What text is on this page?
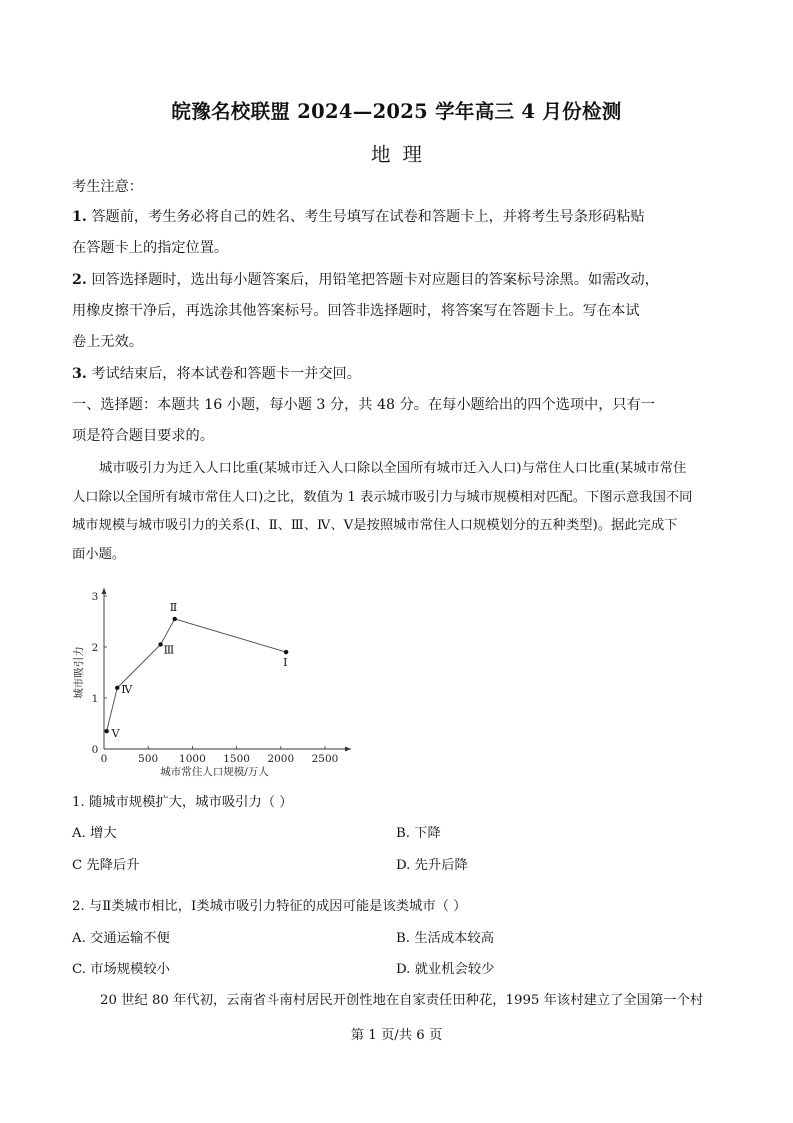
皖豫名校联盟 2024—2025 学年高三 4 月份检测
地理
考生注意：
1. 答题前，考生务必将自己的姓名、考生号填写在试卷和答题卡上，并将考生号条形码粘贴
在答题卡上的指定位置。
2. 回答选择题时，选出每小题答案后，用铅笔把答题卡对应题目的答案标号涂黑。如需改动，
用橡皮擦干净后，再选涂其他答案标号。回答非选择题时，将答案写在答题卡上。写在本试
卷上无效。
3. 考试结束后，将本试卷和答题卡一并交回。
一、选择题：本题共 16 小题，每小题 3 分，共 48 分。在每小题给出的四个选项中，只有一
项是符合题目要求的。

城市吸引力为迁入人口比重(某城市迁入人口除以全国所有城市迁入人口)与常住人口比重(某城市常住

人口除以全国所有城市常住人口)之比，数值为 1 表示城市吸引力与城市规模相对匹配。下图示意我国不同

城市规模与城市吸引力的关系(Ⅰ、Ⅱ、Ⅲ、Ⅳ、Ⅴ是按照城市常住人口规模划分的五种类型)。据此完成下

面小题。

0	500 1000 1500 2000 2500
0
1
2
3
城市常住人口规模/万人
城市吸引力
Ⅴ
Ⅳ
Ⅲ
Ⅱ
Ⅰ
1. 随城市规模扩大，城市吸引力（ ）
A. 增大	B. 下降
C 先降后升	D. 先升后降
2. 与Ⅱ类城市相比，Ⅰ类城市吸引力特征的成因可能是该类城市（ ）
A. 交通运输不便	B. 生活成本较高
C. 市场规模较小	D. 就业机会较少
20 世纪 80 年代初，云南省斗南村居民开创性地在自家责任田种花，1995 年该村建立了全国第一个村
第 1 页/共 6 页
